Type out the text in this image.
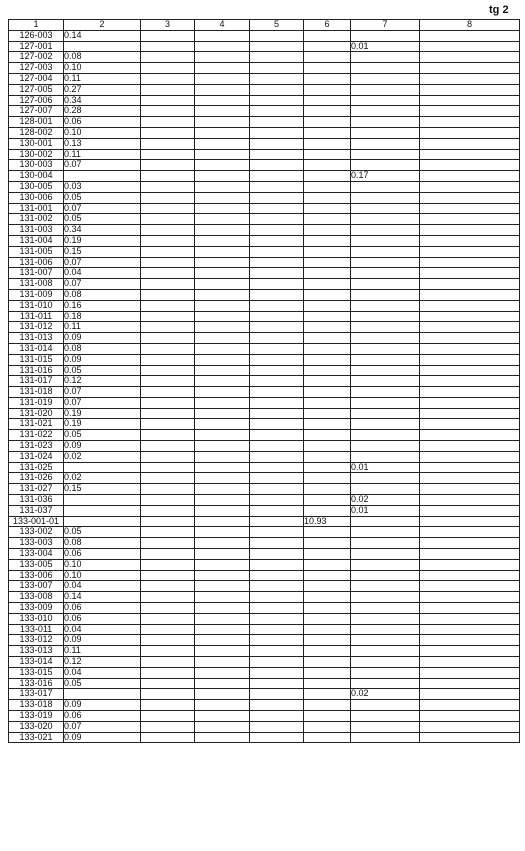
tɡ 2
1	2	3	4	5	6	7	8
126-003	0.14						
127-001						0.01	
127-002	0.08						
127-003	0.10						
127-004	0.11						
127-005	0.27						
127-006	0.34						
127-007	0.28						
128-001	0.06						
128-002	0.10						
130-001	0.13						
130-002	0.11						
130-003	0.07						
130-004						0.17	
130-005	0.03						
130-006	0.05						
131-001	0.07						
131-002	0.05						
131-003	0.34						
131-004	0.19						
131-005	0.15						
131-006	0.07						
131-007	0.04						
131-008	0.07						
131-009	0.08						
131-010	0.16						
131-011	0.18						
131-012	0.11						
131-013	0.09						
131-014	0.08						
131-015	0.09						
131-016	0.05						
131-017	0.12						
131-018	0.07						
131-019	0.07						
131-020	0.19						
131-021	0.19						
131-022	0.05						
131-023	0.09						
131-024	0.02						
131-025						0.01	
131-026	0.02						
131-027	0.15						
131-036						0.02	
131-037						0.01	
133-001-01					10.93		
133-002	0.05						
133-003	0.08						
133-004	0.06						
133-005	0.10						
133-006	0.10						
133-007	0.04						
133-008	0.14						
133-009	0.06						
133-010	0.06						
133-011	0.04						
133-012	0.09						
133-013	0.11						
133-014	0.12						
133-015	0.04						
133-016	0.05						
133-017						0.02	
133-018	0.09						
133-019	0.06						
133-020	0.07						
133-021	0.09						
